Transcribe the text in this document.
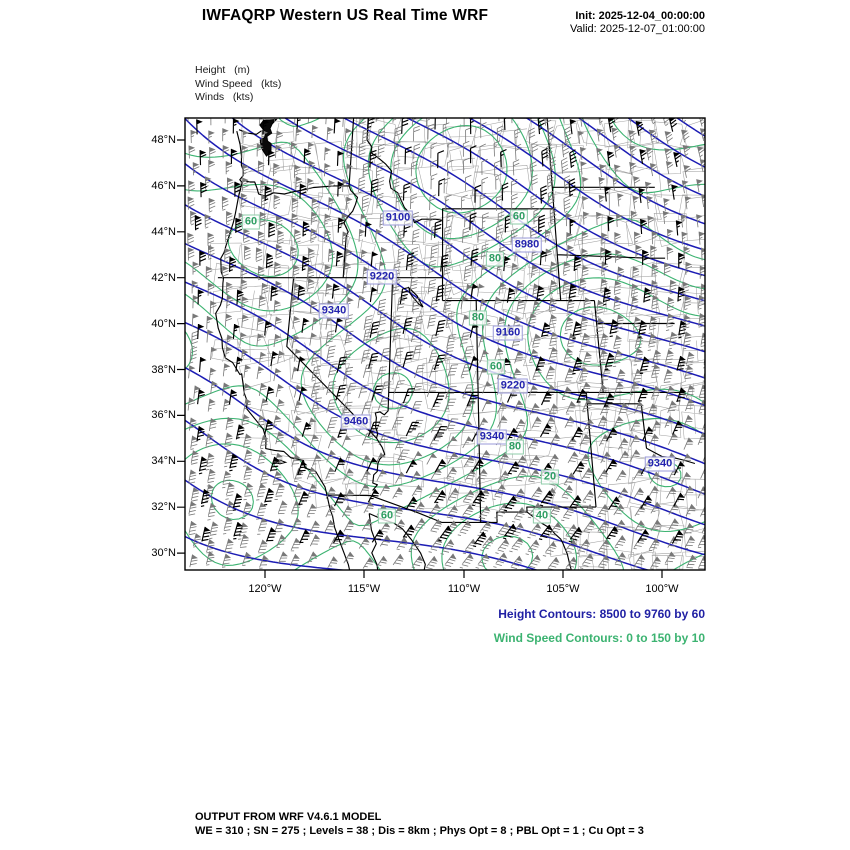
IWFAQRP Western US Real Time WRF	Init: 2025-12-04_00:00:00
Valid: 2025-12-07_01:00:00
Height   (m)
Wind Speed   (kts)
Winds   (kts)
48°N
46°N
44°N
42°N
40°N
38°N
36°N
34°N
32°N
30°N
120°W	115°W	110°W	105°W	100°W
9100
8980
9220
9340
9160
9220
9340
9460
9340
60	60
80
80
60
80
20
40
60
Height Contours: 8500 to 9760 by 60
Wind Speed Contours: 0 to 150 by 10
OUTPUT FROM WRF V4.6.1 MODEL
WE = 310 ; SN = 275 ; Levels = 38 ; Dis = 8km ; Phys Opt = 8 ; PBL Opt = 1 ; Cu Opt = 3
